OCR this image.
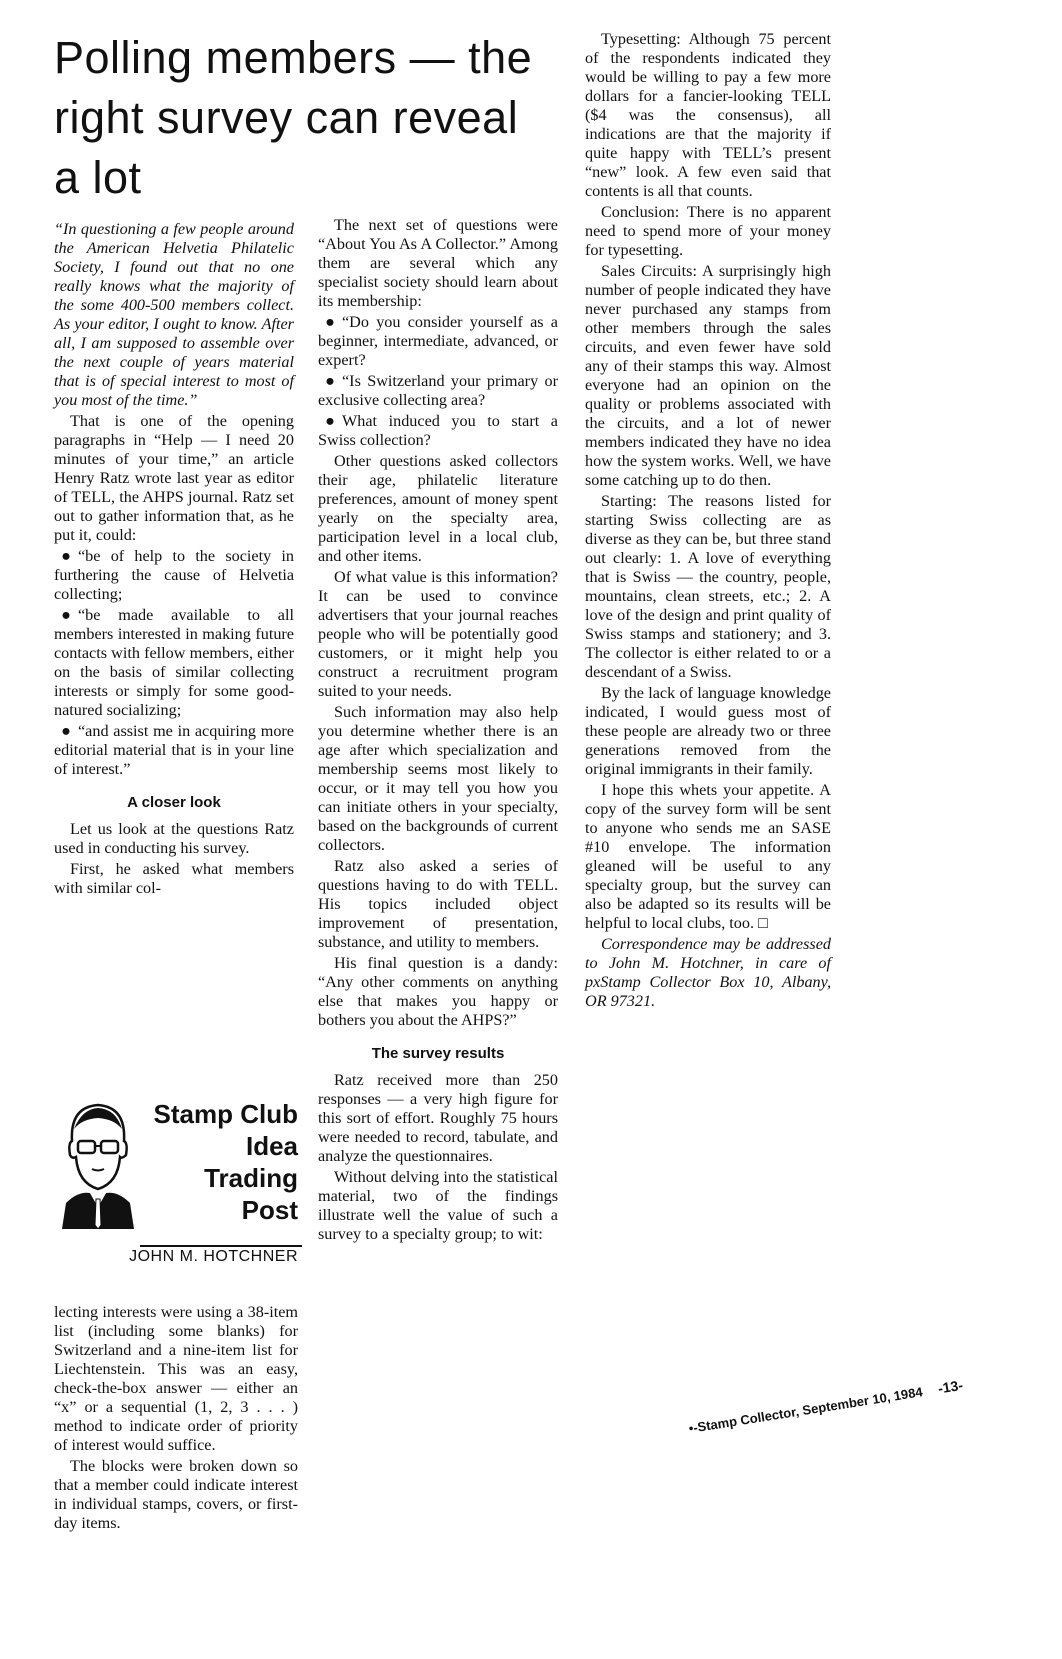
Polling members — the right survey can reveal a lot

“In questioning a few people around the American Helvetia Philatelic Society, I found out that no one really knows what the majority of the some 400-500 members collect. As your editor, I ought to know. After all, I am supposed to assemble over the next couple of years material that is of special interest to most of you most of the time.”

That is one of the opening paragraphs in “Help — I need 20 minutes of your time,” an article Henry Ratz wrote last year as editor of TELL, the AHPS journal. Ratz set out to gather information that, as he put it, could:

● “be of help to the society in furthering the cause of Helvetia collecting;

● “be made available to all members interested in making future contacts with fellow members, either on the basis of similar collecting interests or simply for some good-natured socializing;

● “and assist me in acquiring more editorial material that is in your line of interest.”

A closer look

Let us look at the questions Ratz used in conducting his survey.

First, he asked what members with similar col-

Stamp Club
Idea
Trading
Post
JOHN M. HOTCHNER

lecting interests were using a 38-item list (including some blanks) for Switzerland and a nine-item list for Liechtenstein. This was an easy, check-the-box answer — either an “x” or a sequential (1, 2, 3 . . . ) method to indicate order of priority of interest would suffice.

The blocks were broken down so that a member could indicate interest in individual stamps, covers, or first-day items.

The next set of questions were “About You As A Collector.” Among them are several which any specialist society should learn about its membership:

● “Do you consider yourself as a beginner, intermediate, advanced, or expert?

● “Is Switzerland your primary or exclusive collecting area?

● What induced you to start a Swiss collection?

Other questions asked collectors their age, philatelic literature preferences, amount of money spent yearly on the specialty area, participation level in a local club, and other items.

Of what value is this information? It can be used to convince advertisers that your journal reaches people who will be potentially good customers, or it might help you construct a recruitment program suited to your needs.

Such information may also help you determine whether there is an age after which specialization and membership seems most likely to occur, or it may tell you how you can initiate others in your specialty, based on the backgrounds of current collectors.

Ratz also asked a series of questions having to do with TELL. His topics included object improvement of presentation, substance, and utility to members.

His final question is a dandy: “Any other comments on anything else that makes you happy or bothers you about the AHPS?”

The survey results

Ratz received more than 250 responses — a very high figure for this sort of effort. Roughly 75 hours were needed to record, tabulate, and analyze the questionnaires.

Without delving into the statistical material, two of the findings illustrate well the value of such a survey to a specialty group; to wit:

Typesetting: Although 75 percent of the respondents indicated they would be willing to pay a few more dollars for a fancier-looking TELL ($4 was the consensus), all indications are that the majority if quite happy with TELL’s present “new” look. A few even said that contents is all that counts.

Conclusion: There is no apparent need to spend more of your money for typesetting.

Sales Circuits: A surprisingly high number of people indicated they have never purchased any stamps from other members through the sales circuits, and even fewer have sold any of their stamps this way. Almost everyone had an opinion on the quality or problems associated with the circuits, and a lot of newer members indicated they have no idea how the system works. Well, we have some catching up to do then.

Starting: The reasons listed for starting Swiss collecting are as diverse as they can be, but three stand out clearly: 1. A love of everything that is Swiss — the country, people, mountains, clean streets, etc.; 2. A love of the design and print quality of Swiss stamps and stationery; and 3. The collector is either related to or a descendant of a Swiss.

By the lack of language knowledge indicated, I would guess most of these people are already two or three generations removed from the original immigrants in their family.

I hope this whets your appetite. A copy of the survey form will be sent to anyone who sends me an SASE #10 envelope. The information gleaned will be useful to any specialty group, but the survey can also be adapted so its results will be helpful to local clubs, too. □

Correspondence may be addressed to John M. Hotchner, in care of pxStamp Collector Box 10, Albany, OR 97321.

•-Stamp Collector, September 10, 1984 -13-
